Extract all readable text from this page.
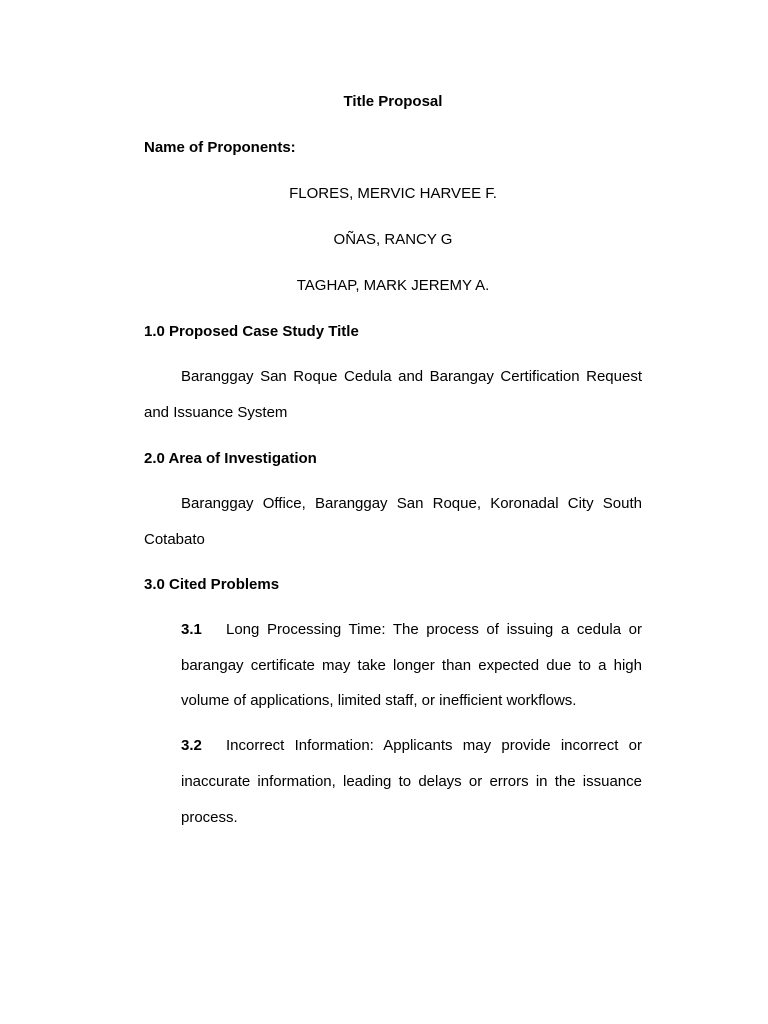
Title Proposal
Name of Proponents:
FLORES, MERVIC HARVEE F.
OÑAS, RANCY G
TAGHAP, MARK JEREMY A.
1.0 Proposed Case Study Title
Baranggay San Roque Cedula and Barangay Certification Request and Issuance System
2.0 Area of Investigation
Baranggay Office, Baranggay San Roque, Koronadal City South Cotabato
3.0 Cited Problems
3.1 Long Processing Time: The process of issuing a cedula or barangay certificate may take longer than expected due to a high volume of applications, limited staff, or inefficient workflows.
3.2 Incorrect Information: Applicants may provide incorrect or inaccurate information, leading to delays or errors in the issuance process.
